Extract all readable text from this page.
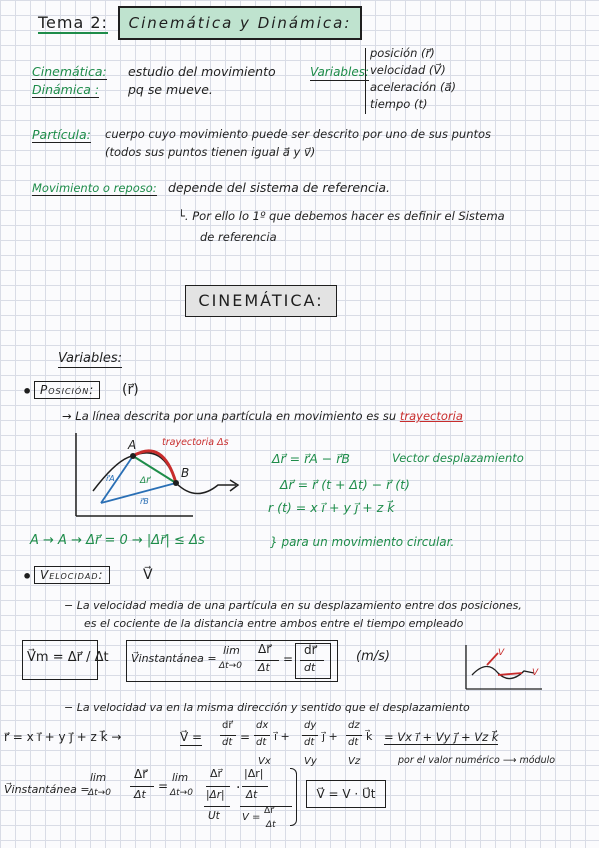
Tema 2:	Cinemática y Dinámica:
Cinemática: estudio del movimiento
Dinámica : pq se mueve.
Variables:
posición (r⃗)
velocidad (V⃗)
aceleración (a⃗)
tiempo (t)
Partícula: cuerpo cuyo movimiento puede ser descrito por uno de sus puntos
(todos sus puntos tienen igual a⃗ y v⃗)
Movimiento o reposo: depende del sistema de referencia.
└. Por ello lo 1º que debemos hacer es definir el Sistema
de referencia
CINEMÁTICA:
Variables:
• Posición:	(r⃗)
→ La línea descrita por una partícula en movimiento es su trayectoria
A
B
trayectoria Δs
r⃗A
r⃗B
Δr⃗
Δr⃗ = r⃗A − r⃗B	Vector desplazamiento
Δr⃗ = r⃗ (t + Δt) − r⃗ (t)
r (t) = x i⃗ + y j⃗ + z k⃗
A → A → Δr⃗ = 0 → |Δr⃗| ≤ Δs	} para un movimiento circular.
• Velocidad:	V⃗
− La velocidad media de una partícula en su desplazamiento entre dos posiciones,
es el cociente de la distancia entre ambos entre el tiempo empleado
V⃗m = Δr⃗ / Δt V⃗instantánea =
lim
Δt→0
Δr⃗
Δt
=
dr⃗
dt
(m/s)	V
V
− La velocidad va en la misma dirección y sentido que el desplazamiento
r⃗ = x i⃗ + y j⃗ + z k⃗ →	V⃗ =
dr⃗
dt =
dx
dt i⃗ +
Vx
dy
dt j⃗ +
Vy
dz
dt k⃗
Vz
= Vx i⃗ + Vy j⃗ + Vz k⃗
por el valor numérico ⟶ módulo
V⃗instantánea =
lim
Δt→0
Δr⃗
Δt
=
lim
Δt→0
Δr⃗
|Δr|
Ut
·
|Δr|
Δt
V =
Δr⃗
Δt
V⃗ = V · U⃗t
